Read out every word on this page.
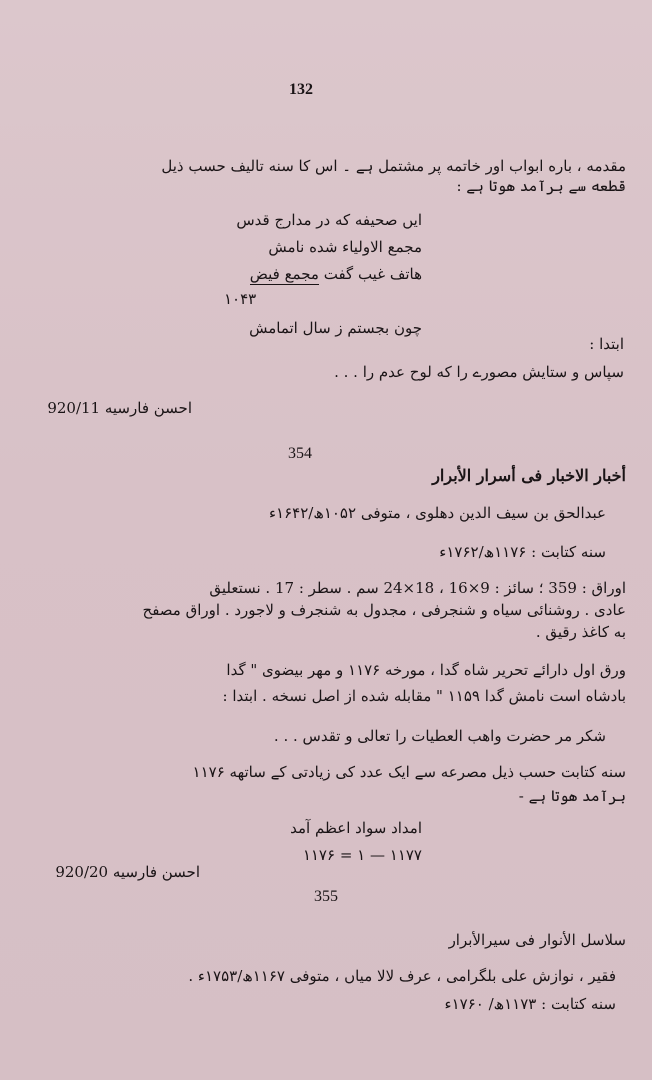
132
مقدمه ، باره ابواب اور خاتمه پر مشتمل ہے ۔ اس کا سنه تالیف حسب ذیل
قطعه سے برآمد هوتا ہے :
ایں صحیفه که در مدارج قدس
مجمع الاولیاء شده نامش
هاتف غیب گفت مجمع فیض
۱۰۴۳
چون بجستم ز سال اتمامش
ابتدا :
سپاس و ستایش مصورے را که لوح عدم را . . .
احسن فارسیه 920/11
354
أخبار الاخبار فی أسرار الأبرار
عبدالحق بن سیف الدین دهلوی ، متوفی ۱۰۵۲ھ/۱۶۴۲ء
سنه کتابت : ۱۱۷۶ھ/۱۷۶۲ء
اوراق : 359 ؛ سائز : 9×16 ، 18×24 سم . سطر : 17 . نستعلیق
عادی . روشنائی سیاه و شنجرفی ، مجدول به شنجرف و لاجورد . اوراق مصفح
به کاغذ رقیق .
ورق اول دارائے تحریر شاه گدا ، مورخه ۱۱۷۶ و مهر بیضوی " گدا
بادشاه است نامش گدا ۱۱۵۹ " مقابله شده از اصل نسخه . ابتدا :
شکر مر حضرت واهب العطیات را تعالی و تقدس . . .
سنه کتابت حسب ذیل مصرعه سے ایک عدد کی زیادتی کے ساتھه ۱۱۷۶
برآمد هوتا ہے -
امداد سواد اعظم آمد
۱۱۷۷ — ۱ = ۱۱۷۶
احسن فارسیه 920/20
355
سلاسل الأنوار فی سیرالأبرار
فقیر ، نوازش علی بلگرامی ، عرف لالا میاں ، متوفی ۱۱۶۷ھ/۱۷۵۳ء .
سنه کتابت : ۱۱۷۳ھ/ ۱۷۶۰ء
